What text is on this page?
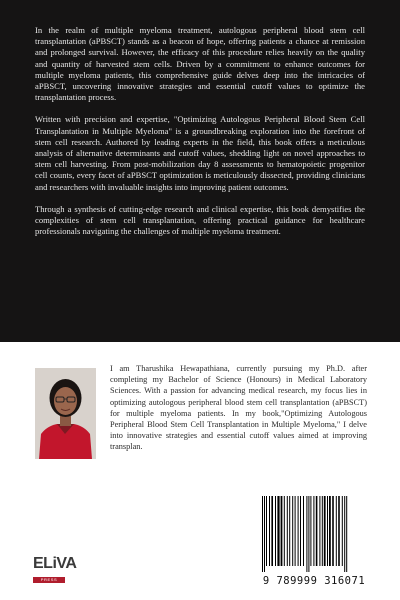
In the realm of multiple myeloma treatment, autologous peripheral blood stem cell transplantation (aPBSCT) stands as a beacon of hope, offering patients a chance at remission and prolonged survival. However, the efficacy of this procedure relies heavily on the quality and quantity of harvested stem cells. Driven by a commitment to enhance outcomes for multiple myeloma patients, this comprehensive guide delves deep into the intricacies of aPBSCT, uncovering innovative strategies and essential cutoff values to optimize the transplantation process.

Written with precision and expertise, "Optimizing Autologous Peripheral Blood Stem Cell Transplantation in Multiple Myeloma" is a groundbreaking exploration into the forefront of stem cell research. Authored by leading experts in the field, this book offers a meticulous analysis of alternative determinants and cutoff values, shedding light on novel approaches to stem cell harvesting. From post-mobilization day 8 assessments to hematopoietic progenitor cell counts, every facet of aPBSCT optimization is meticulously dissected, providing clinicians and researchers with invaluable insights into improving patient outcomes.

Through a synthesis of cutting-edge research and clinical expertise, this book demystifies the complexities of stem cell transplantation, offering practical guidance for healthcare professionals navigating the challenges of multiple myeloma treatment.

I am Tharushika Hewapathiana, currently pursuing my Ph.D. after completing my Bachelor of Science (Honours) in Medical Laboratory Sciences. With a passion for advancing medical research, my focus lies in optimizing autologous peripheral blood stem cell transplantation (aPBSCT) for multiple myeloma patients. In my book,"Optimizing Autologous Peripheral Blood Stem Cell Transplantation in Multiple Myeloma," I delve into innovative strategies and essential cutoff values aimed at improving transplan.
9 789999 316071
ELiVA
PRESS
